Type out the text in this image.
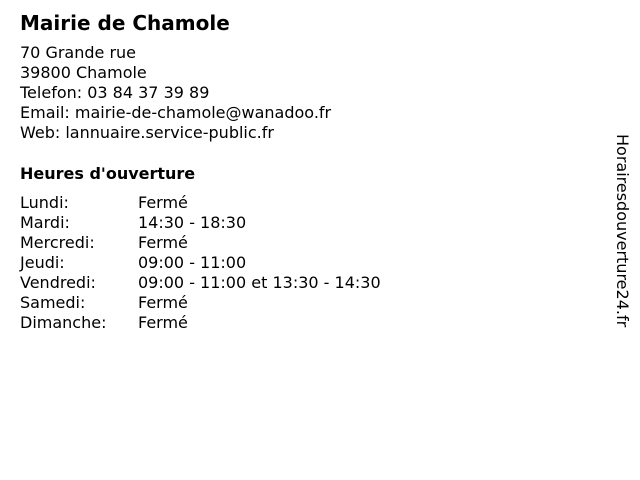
Mairie de Chamole
70 Grande rue
39800 Chamole
Telefon: 03 84 37 39 89
Email: mairie-de-chamole@wanadoo.fr
Web: lannuaire.service-public.fr
Heures d'ouverture
Lundi:	Fermé
Mardi:	14:30 - 18:30
Mercredi:	Fermé
Jeudi:	09:00 - 11:00
Vendredi:	09:00 - 11:00 et 13:30 - 14:30
Samedi:	Fermé
Dimanche:	Fermé	Horairesdouverture24.fr
